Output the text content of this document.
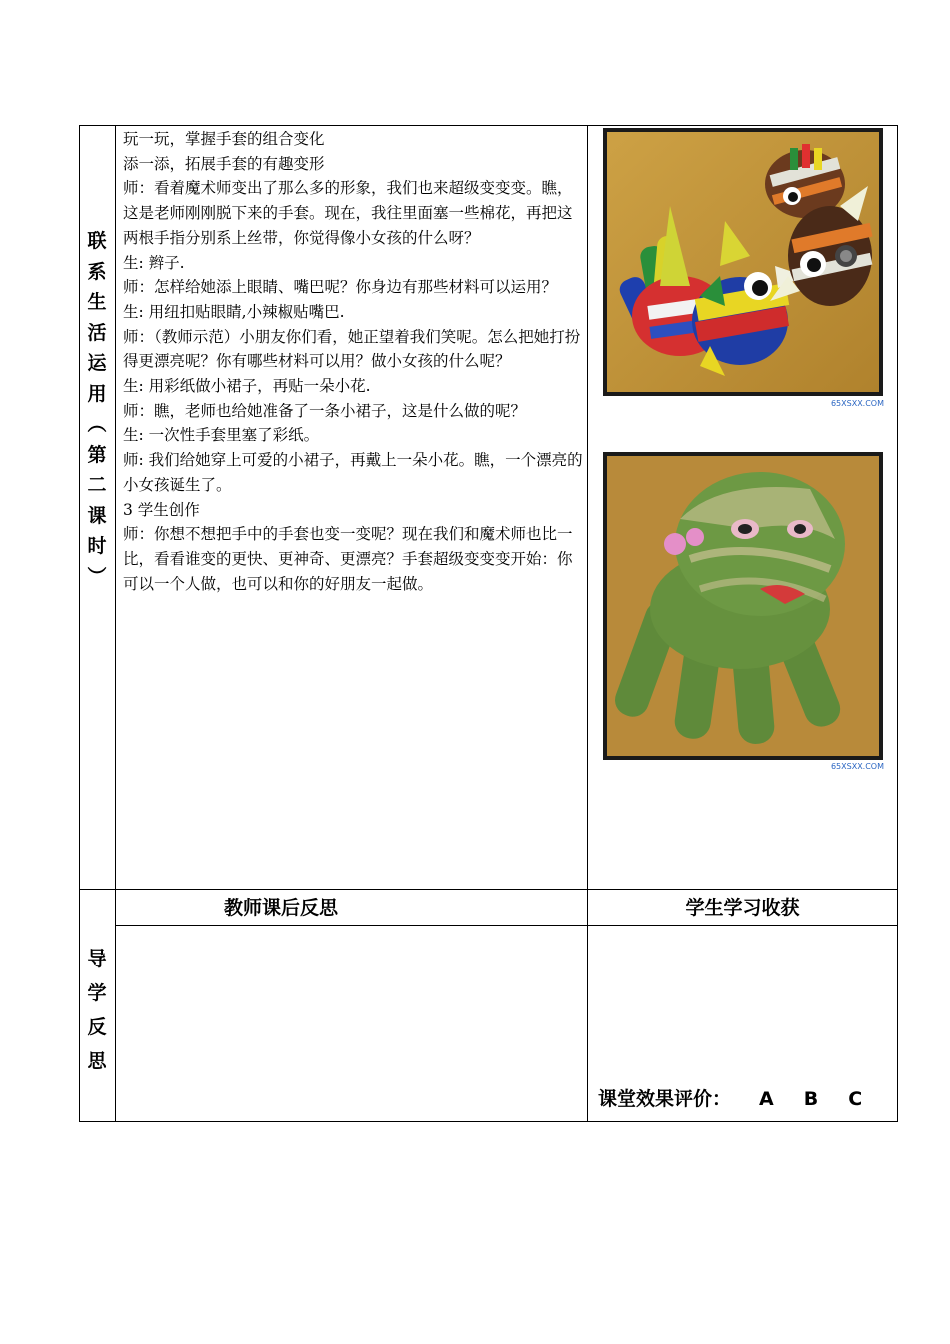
联
系
生
活
运
用
︵
第
二
课
时
︶

玩一玩，掌握手套的组合变化

添一添，拓展手套的有趣变形

师：看着魔术师变出了那么多的形象，我们也来超级变变变。瞧，这是老师刚刚脱下来的手套。现在，我往里面塞一些棉花，再把这两根手指分别系上丝带，你觉得像小女孩的什么呀？

生: 辫子.

师：怎样给她添上眼睛、嘴巴呢？你身边有那些材料可以运用？

生: 用纽扣贴眼睛,小辣椒贴嘴巴.

师：（教师示范）小朋友你们看，她正望着我们笑呢。怎么把她打扮得更漂亮呢？你有哪些材料可以用？做小女孩的什么呢？

生: 用彩纸做小裙子，再贴一朵小花.

师：瞧，老师也给她准备了一条小裙子，这是什么做的呢？

生: 一次性手套里塞了彩纸。

师: 我们给她穿上可爱的小裙子，再戴上一朵小花。瞧，一个漂亮的小女孩诞生了。

3 学生创作

师：你想不想把手中的手套也变一变呢？现在我们和魔术师也比一比，看看谁变的更快、更神奇、更漂亮？手套超级变变变开始：你可以一个人做，也可以和你的好朋友一起做。

65XSXX.COM
65XSXX.COM
导
学
反
思
教师课后反思	学生学习收获
课堂效果评价： A B C
